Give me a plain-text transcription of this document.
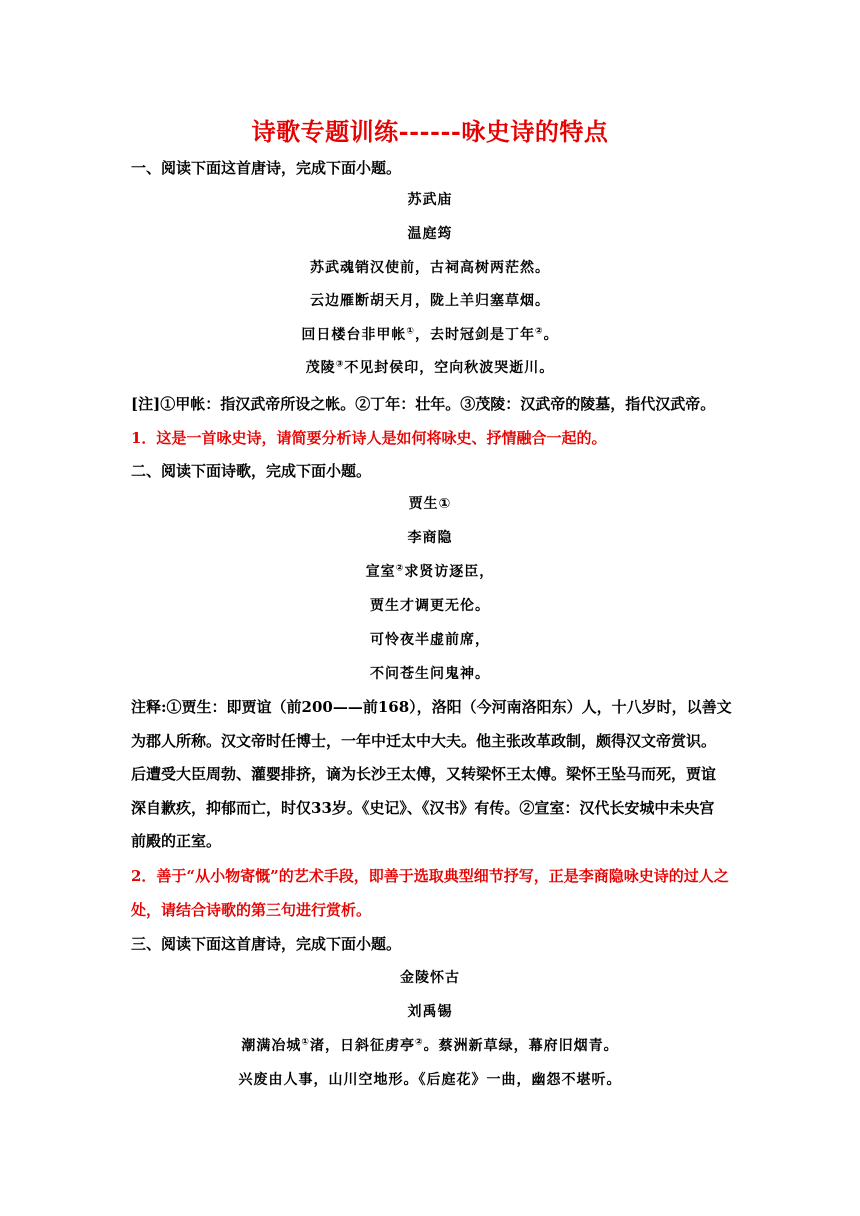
诗歌专题训练------咏史诗的特点
一、阅读下面这首唐诗，完成下面小题。
苏武庙
温庭筠
苏武魂销汉使前，古祠高树两茫然。
云边雁断胡天月，陇上羊归塞草烟。
回日楼台非甲帐①，去时冠剑是丁年②。
茂陵③不见封侯印，空向秋波哭逝川。
[注]①甲帐：指汉武帝所设之帐。②丁年：壮年。③茂陵：汉武帝的陵墓，指代汉武帝。
1．这是一首咏史诗，请简要分析诗人是如何将咏史、抒情融合一起的。
二、阅读下面诗歌，完成下面小题。
贾生①
李商隐
宣室②求贤访逐臣，
贾生才调更无伦。
可怜夜半虚前席，
不问苍生问鬼神。
注释:①贾生：即贾谊（前200——前168），洛阳（今河南洛阳东）人，十八岁时，以善文
为郡人所称。汉文帝时任博士，一年中迁太中大夫。他主张改革政制，颇得汉文帝赏识。
后遭受大臣周勃、灌婴排挤，谪为长沙王太傅，又转梁怀王太傅。梁怀王坠马而死，贾谊
深自歉疚，抑郁而亡，时仅33岁。《史记》、《汉书》有传。②宣室：汉代长安城中未央宫
前殿的正室。
2．善于“从小物寄慨”的艺术手段，即善于选取典型细节抒写，正是李商隐咏史诗的过人之
处，请结合诗歌的第三句进行赏析。
三、阅读下面这首唐诗，完成下面小题。
金陵怀古
刘禹锡
潮满冶城①渚，日斜征虏亭②。蔡洲新草绿，幕府旧烟青。
兴废由人事，山川空地形。《后庭花》一曲，幽怨不堪听。
